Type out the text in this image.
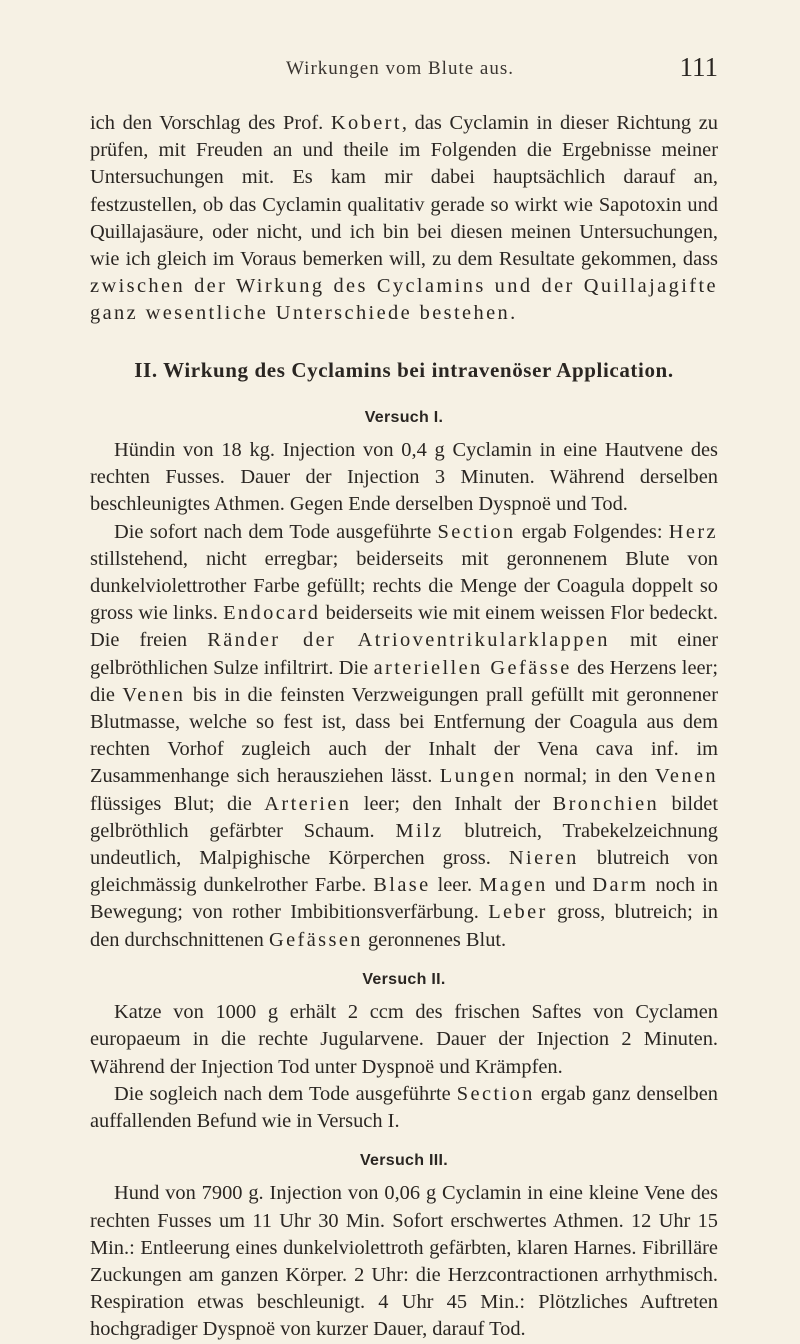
Wirkungen vom Blute aus.	111

ich den Vorschlag des Prof. Kobert, das Cyclamin in dieser Richtung zu prüfen, mit Freuden an und theile im Folgenden die Ergebnisse meiner Untersuchungen mit. Es kam mir dabei hauptsächlich darauf an, festzustellen, ob das Cyclamin qualitativ gerade so wirkt wie Sapotoxin und Quillajasäure, oder nicht, und ich bin bei diesen meinen Untersuchungen, wie ich gleich im Voraus bemerken will, zu dem Resultate gekommen, dass zwischen der Wirkung des Cyclamins und der Quillajagifte ganz wesentliche Unterschiede bestehen.

II. Wirkung des Cyclamins bei intravenöser Application.
Versuch I.

Hündin von 18 kg. Injection von 0,4 g Cyclamin in eine Hautvene des rechten Fusses. Dauer der Injection 3 Minuten. Während derselben beschleunigtes Athmen. Gegen Ende derselben Dyspnoë und Tod.

Die sofort nach dem Tode ausgeführte Section ergab Folgendes: Herz stillstehend, nicht erregbar; beiderseits mit geronnenem Blute von dunkelviolettrother Farbe gefüllt; rechts die Menge der Coagula doppelt so gross wie links. Endocard beiderseits wie mit einem weissen Flor bedeckt. Die freien Ränder der Atrioventrikularklappen mit einer gelbröthlichen Sulze infiltrirt. Die arteriellen Gefässe des Herzens leer; die Venen bis in die feinsten Verzweigungen prall gefüllt mit geronnener Blutmasse, welche so fest ist, dass bei Entfernung der Coagula aus dem rechten Vorhof zugleich auch der Inhalt der Vena cava inf. im Zusammenhange sich herausziehen lässt. Lungen normal; in den Venen flüssiges Blut; die Arterien leer; den Inhalt der Bronchien bildet gelbröthlich gefärbter Schaum. Milz blutreich, Trabekelzeichnung undeutlich, Malpighische Körperchen gross. Nieren blutreich von gleichmässig dunkelrother Farbe. Blase leer. Magen und Darm noch in Bewegung; von rother Imbibitionsverfärbung. Leber gross, blutreich; in den durchschnittenen Gefässen geronnenes Blut.

Versuch II.

Katze von 1000 g erhält 2 ccm des frischen Saftes von Cyclamen europaeum in die rechte Jugularvene. Dauer der Injection 2 Minuten. Während der Injection Tod unter Dyspnoë und Krämpfen.

Die sogleich nach dem Tode ausgeführte Section ergab ganz denselben auffallenden Befund wie in Versuch I.

Versuch III.

Hund von 7900 g. Injection von 0,06 g Cyclamin in eine kleine Vene des rechten Fusses um 11 Uhr 30 Min. Sofort erschwertes Athmen. 12 Uhr 15 Min.: Entleerung eines dunkelviolettroth gefärbten, klaren Harnes. Fibrilläre Zuckungen am ganzen Körper. 2 Uhr: die Herzcontractionen arrhythmisch. Respiration etwas beschleunigt. 4 Uhr 45 Min.: Plötzliches Auftreten hochgradiger Dyspnoë von kurzer Dauer, darauf Tod.
